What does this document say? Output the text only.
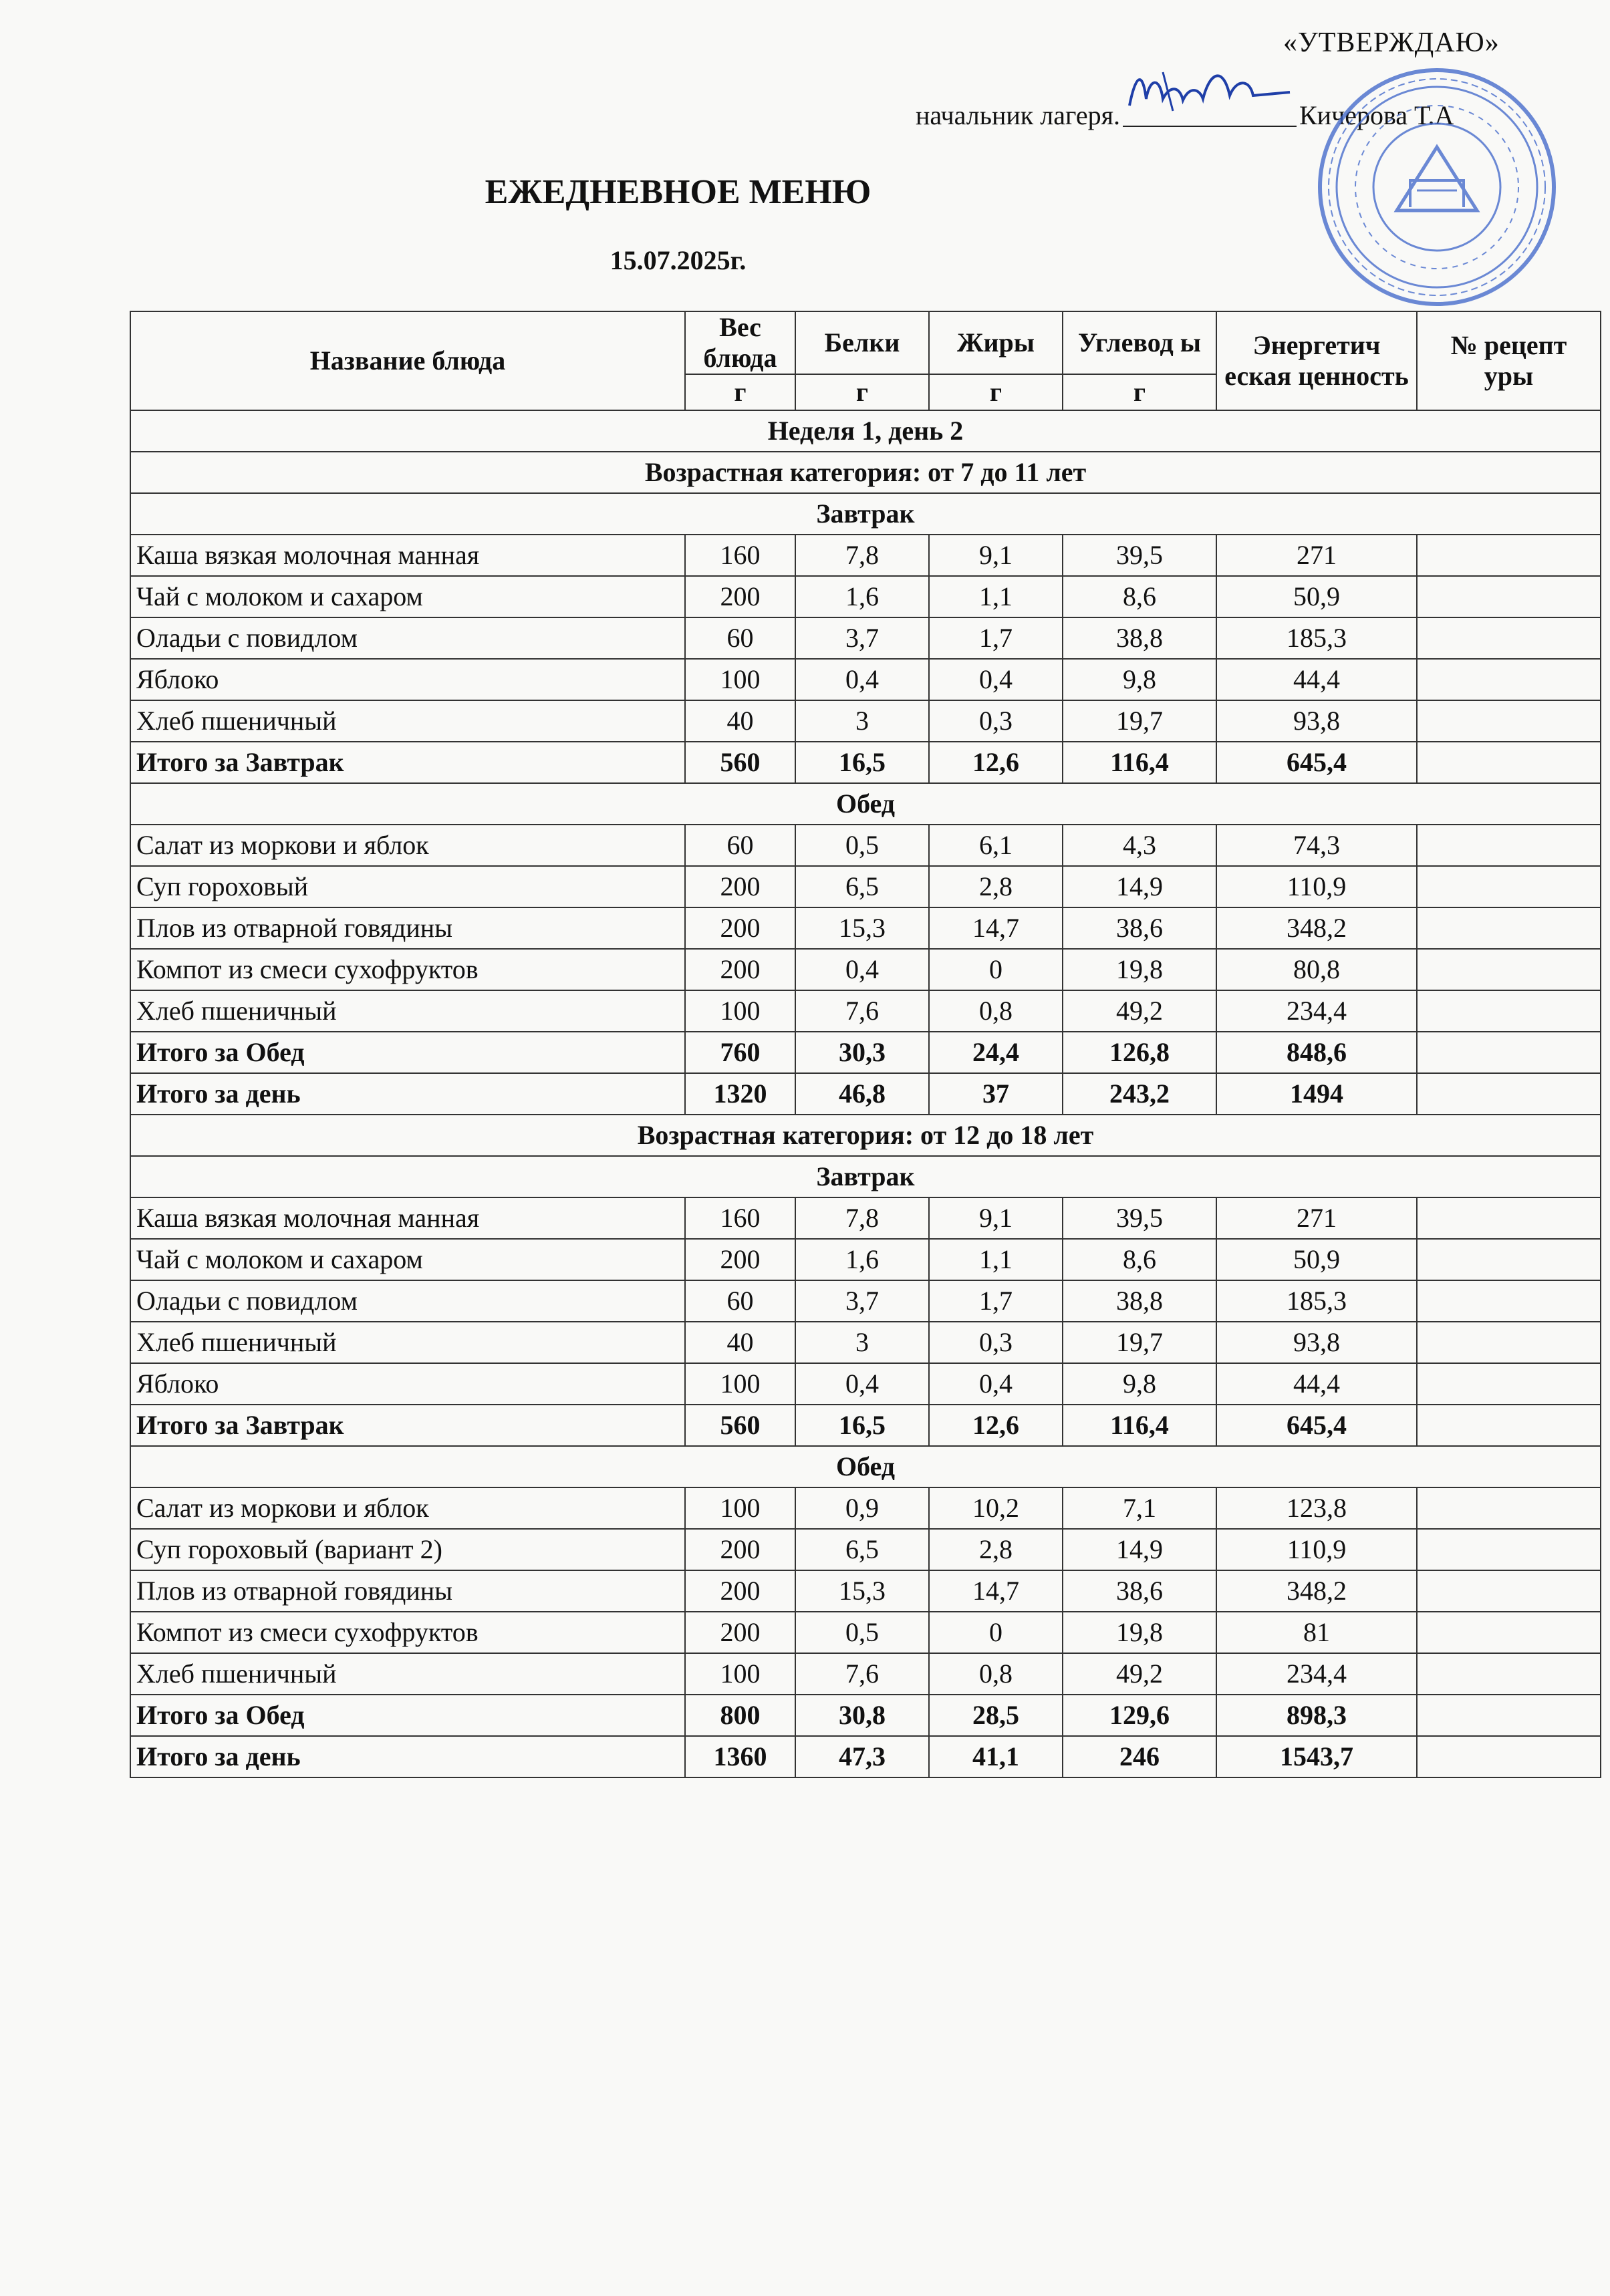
«УТВЕРЖДАЮ»
начальник лагеря.	Кичерова Т.А
ЕЖЕДНЕВНОЕ МЕНЮ
15.07.2025г.
Название блюда	Вес блюда	Белки	Жиры	Углевод ы	Энергетич еская ценность	№ рецепт уры
	г	г	г	г		
Неделя 1, день 2						
Возрастная категория: от 7 до 11 лет						
Завтрак						
Каша вязкая молочная манная	160	7,8	9,1	39,5	271	
Чай с молоком и сахаром	200	1,6	1,1	8,6	50,9	
Оладьи с повидлом	60	3,7	1,7	38,8	185,3	
Яблоко	100	0,4	0,4	9,8	44,4	
Хлеб пшеничный	40	3	0,3	19,7	93,8	
Итого за Завтрак	560	16,5	12,6	116,4	645,4	
Обед						
Салат из моркови и яблок	60	0,5	6,1	4,3	74,3	
Суп гороховый	200	6,5	2,8	14,9	110,9	
Плов из отварной говядины	200	15,3	14,7	38,6	348,2	
Компот из смеси сухофруктов	200	0,4	0	19,8	80,8	
Хлеб пшеничный	100	7,6	0,8	49,2	234,4	
Итого за Обед	760	30,3	24,4	126,8	848,6	
Итого за день	1320	46,8	37	243,2	1494	
Возрастная категория: от 12 до 18 лет						
Завтрак						
Каша вязкая молочная манная	160	7,8	9,1	39,5	271	
Чай с молоком и сахаром	200	1,6	1,1	8,6	50,9	
Оладьи с повидлом	60	3,7	1,7	38,8	185,3	
Хлеб пшеничный	40	3	0,3	19,7	93,8	
Яблоко	100	0,4	0,4	9,8	44,4	
Итого за Завтрак	560	16,5	12,6	116,4	645,4	
Обед						
Салат из моркови и яблок	100	0,9	10,2	7,1	123,8	
Суп гороховый (вариант 2)	200	6,5	2,8	14,9	110,9	
Плов из отварной говядины	200	15,3	14,7	38,6	348,2	
Компот из смеси сухофруктов	200	0,5	0	19,8	81	
Хлеб пшеничный	100	7,6	0,8	49,2	234,4	
Итого за Обед	800	30,8	28,5	129,6	898,3	
Итого за день	1360	47,3	41,1	246	1543,7	
